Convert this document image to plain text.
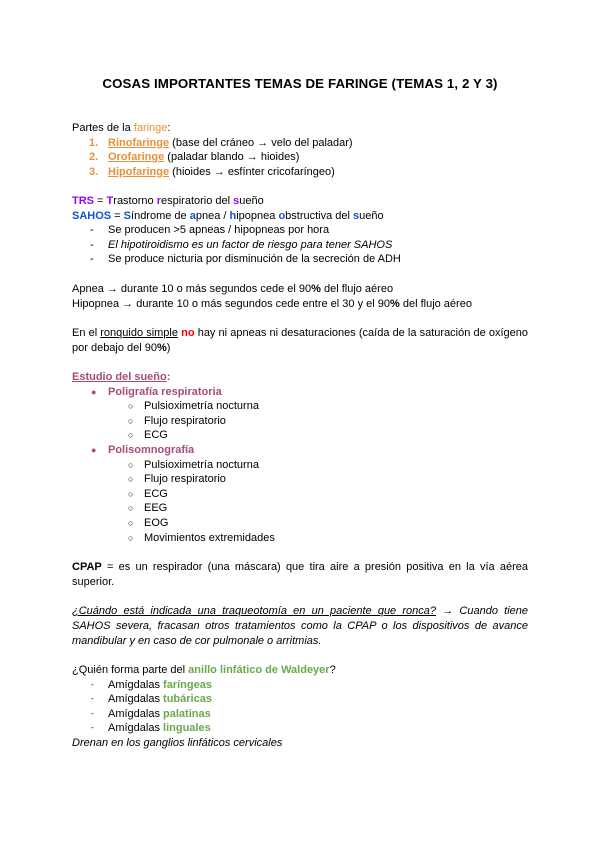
COSAS IMPORTANTES TEMAS DE FARINGE (TEMAS 1, 2 Y 3)

Partes de la faringe:

1. Rinofaringe (base del cráneo → velo del paladar)
2. Orofaringe (paladar blando → hioides)
3. Hipofaringe (hioides → esfínter cricofaríngeo)

TRS = Trastorno respiratorio del sueño

SAHOS = Síndrome de apnea / hipopnea obstructiva del sueño

- Se producen >5 apneas / hipopneas por hora
- El hipotiroidismo es un factor de riesgo para tener SAHOS
- Se produce nicturia por disminución de la secreción de ADH

Apnea → durante 10 o más segundos cede el 90% del flujo aéreo

Hipopnea → durante 10 o más segundos cede entre el 30 y el 90% del flujo aéreo

En el ronquido simple no hay ni apneas ni desaturaciones (caída de la saturación de oxígeno por debajo del 90%)

Estudio del sueño:

● Poligrafía respiratoria
○ Pulsioximetría nocturna
○ Flujo respiratorio
○ ECG
● Polisomnografía
○ Pulsioximetría nocturna
○ Flujo respiratorio
○ ECG
○ EEG
○ EOG
○ Movimientos extremidades

CPAP = es un respirador (una máscara) que tira aire a presión positiva en la vía aérea superior.

¿Cuándo está indicada una traqueotomía en un paciente que ronca? → Cuando tiene SAHOS severa, fracasan otros tratamientos como la CPAP o los dispositivos de avance mandibular y en caso de cor pulmonale o arritmias.

¿Quién forma parte del anillo linfático de Waldeyer?

- Amígdalas faríngeas
- Amígdalas tubáricas
- Amígdalas palatinas
- Amígdalas linguales

Drenan en los ganglios linfáticos cervicales
